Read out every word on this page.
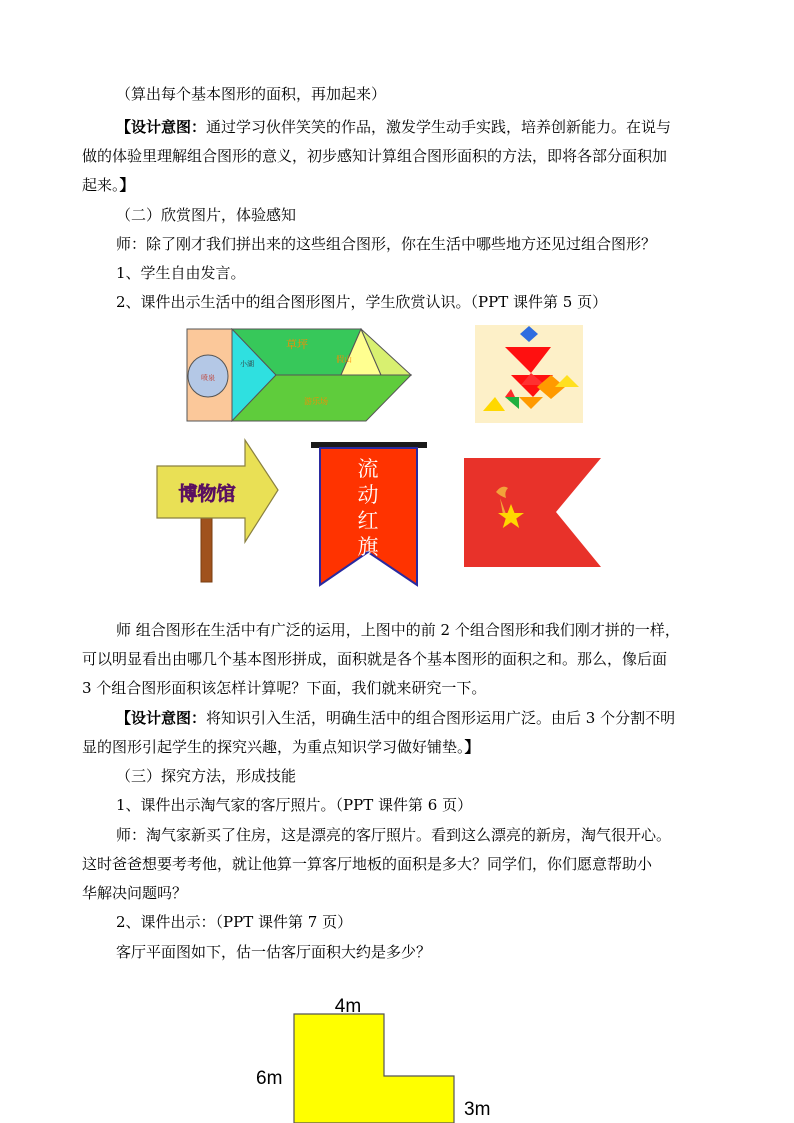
（算出每个基本图形的面积，再加起来）
【设计意图：通过学习伙伴笑笑的作品，激发学生动手实践，培养创新能力。在说与
做的体验里理解组合图形的意义，初步感知计算组合图形面积的方法，即将各部分面积加
起来。】
（二）欣赏图片，体验感知
师：除了刚才我们拼出来的这些组合图形，你在生活中哪些地方还见过组合图形？
1、学生自由发言。
2、课件出示生活中的组合图形图片，学生欣赏认识。（PPT 课件第 5 页）
喷泉
小湖
草坪
假山
游乐场
博物馆
流
动
红
旗
师 组合图形在生活中有广泛的运用，上图中的前 2 个组合图形和我们刚才拼的一样，
可以明显看出由哪几个基本图形拼成，面积就是各个基本图形的面积之和。那么，像后面
3 个组合图形面积该怎样计算呢？下面，我们就来研究一下。
【设计意图：将知识引入生活，明确生活中的组合图形运用广泛。由后 3 个分割不明
显的图形引起学生的探究兴趣，为重点知识学习做好铺垫。】
（三）探究方法，形成技能
1、课件出示淘气家的客厅照片。（PPT 课件第 6 页）
师：淘气家新买了住房，这是漂亮的客厅照片。看到这么漂亮的新房，淘气很开心。
这时爸爸想要考考他，就让他算一算客厅地板的面积是多大？同学们，你们愿意帮助小
华解决问题吗？
2、课件出示：（PPT 课件第 7 页）
客厅平面图如下，估一估客厅面积大约是多少？
4m
6m
3m
